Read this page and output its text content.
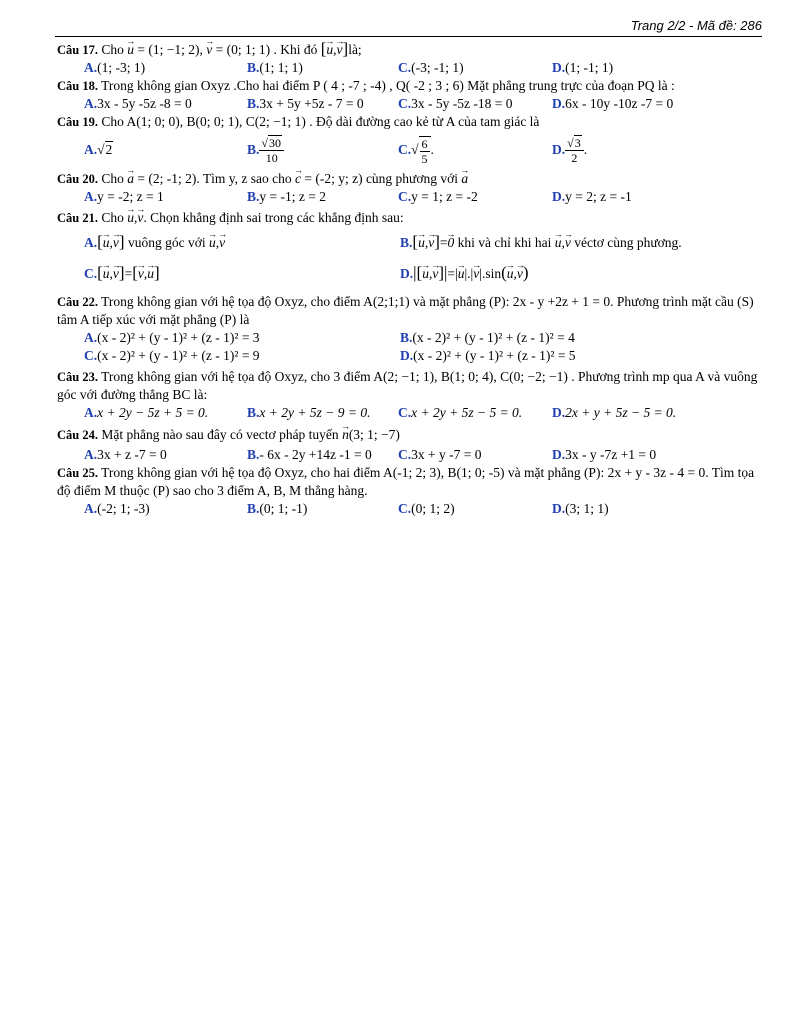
Trang 2/2 - Mã đề: 286
Câu 17. Cho → u = (1; −1; 2), → v = (0; 1; 1) . Khi đó [→ u,→ v]là;
A.(1; -3; 1)	B.(1; 1; 1)	C.(-3; -1; 1)	D.(1; -1; 1)
Câu 18. Trong không gian Oxyz .Cho hai điểm P ( 4 ; -7 ; -4) , Q( -2 ; 3 ; 6) Mặt phẳng trung trực của đoạn PQ là :
A.3x - 5y -5z -8 = 0	B.3x + 5y +5z - 7 = 0	C.3x - 5y -5z -18 = 0	D.6x - 10y -10z -7 = 0
Câu 19. Cho A(1; 0; 0), B(0; 0; 1), C(2; −1; 1) . Độ dài đường cao kẻ từ A của tam giác là
A.√2	B. $\frac{√30}{10}$	$C.√ \frac{6}{5}$ .	D. $\frac{√3}{2}$ .
Câu 20. Cho → a = (2; -1; 2). Tìm y, z sao cho → c = (-2; y; z) cùng phương với → a
A.y = -2; z = 1	B.y = -1; z = 2	C.y = 1; z = -2	D.y = 2; z = -1
Câu 21. Cho → u,→ v. Chọn khẳng định sai trong các khẳng định sau:
A.[→ u,→ v] vuông góc với → u,→ v	B.[→ u,→ v]=→ 0 khi và chỉ khi hai → u,→ v véctơ cùng phương.
C.[→ u,→ v]=[→ v,→ u]	D.|[→ u,→ v]|=|→ u|.|→ v|.sin(→ u,→ v)
Câu 22. Trong không gian với hệ tọa độ Oxyz, cho điểm A(2;1;1) và mặt phẳng (P): 2x - y +2z + 1 = 0. Phương trình mặt cầu (S) tâm A tiếp xúc với mặt phẳng (P) là
A.(x - 2)² + (y - 1)² + (z - 1)² = 3	B.(x - 2)² + (y - 1)² + (z - 1)² = 4
C.(x - 2)² + (y - 1)² + (z - 1)² = 9	D.(x - 2)² + (y - 1)² + (z - 1)² = 5
Câu 23. Trong không gian với hệ tọa độ Oxyz, cho 3 điểm A(2; −1; 1), B(1; 0; 4), C(0; −2; −1) . Phương trình mp qua A và vuông góc với đường thẳng BC là:
A.x + 2y − 5z + 5 = 0.	B.x + 2y + 5z − 9 = 0.	C.x + 2y + 5z − 5 = 0.	D.2x + y + 5z − 5 = 0.
Câu 24. Mặt phẳng nào sau đây có vectơ pháp tuyến → n(3; 1; −7)
A.3x + z -7 = 0	B.- 6x - 2y +14z -1 = 0	C.3x + y -7 = 0	D.3x - y -7z +1 = 0
Câu 25. Trong không gian với hệ tọa độ Oxyz, cho hai điểm A(-1; 2; 3), B(1; 0; -5) và mặt phẳng (P): 2x + y - 3z - 4 = 0. Tìm tọa độ điểm M thuộc (P) sao cho 3 điểm A, B, M thẳng hàng.
A.(-2; 1; -3)	B.(0; 1; -1)	C.(0; 1; 2)	D.(3; 1; 1)
